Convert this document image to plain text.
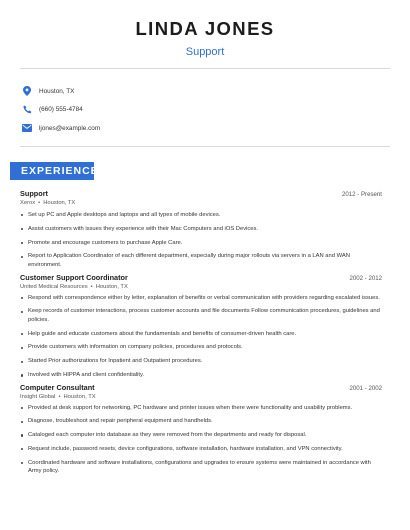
LINDA JONES
Support
Houston, TX
(660) 555-4784
ljones@example.com
EXPERIENCE
Support	2012 - Present
Xerox • Houston, TX
Set up PC and Apple desktops and laptops and all types of mobile devices.
Assist customers with issues they experience with their Mac Computers and iOS Devices.
Promote and encourage customers to purchase Apple Care.
Report to Application Coordinator of each different department, especially during major rollouts via servers in a LAN and WAN environment.
Customer Support Coordinator	2002 - 2012
United Medical Resources • Houston, TX
Respond with correspondence either by letter, explanation of benefits or verbal communication with providers regarding escalated issues.
Keep records of customer interactions, process customer accounts and file documents Follow communication procedures, guidelines and policies.
Help guide and educate customers about the fundamentals and benefits of consumer-driven health care.
Provide customers with information on company policies, procedures and protocols.
Started Prior authorizations for Inpatient and Outpatient procedures.
Involved with HIPPA and client confidentiality.
Computer Consultant	2001 - 2002
Insight Global • Houston, TX
Provided at desk support for networking, PC hardware and printer issues when there were functionality and usability problems.
Diagnose, troubleshoot and repair peripheral equipment and handhelds.
Cataloged each computer into database as they were removed from the departments and ready for disposal.
Request include, password resets, device configurations, software installation, hardware installation, and VPN connectivity.
Coordinated hardware and software installations, configurations and upgrades to ensure systems were maintained in accordance with Army policy.
